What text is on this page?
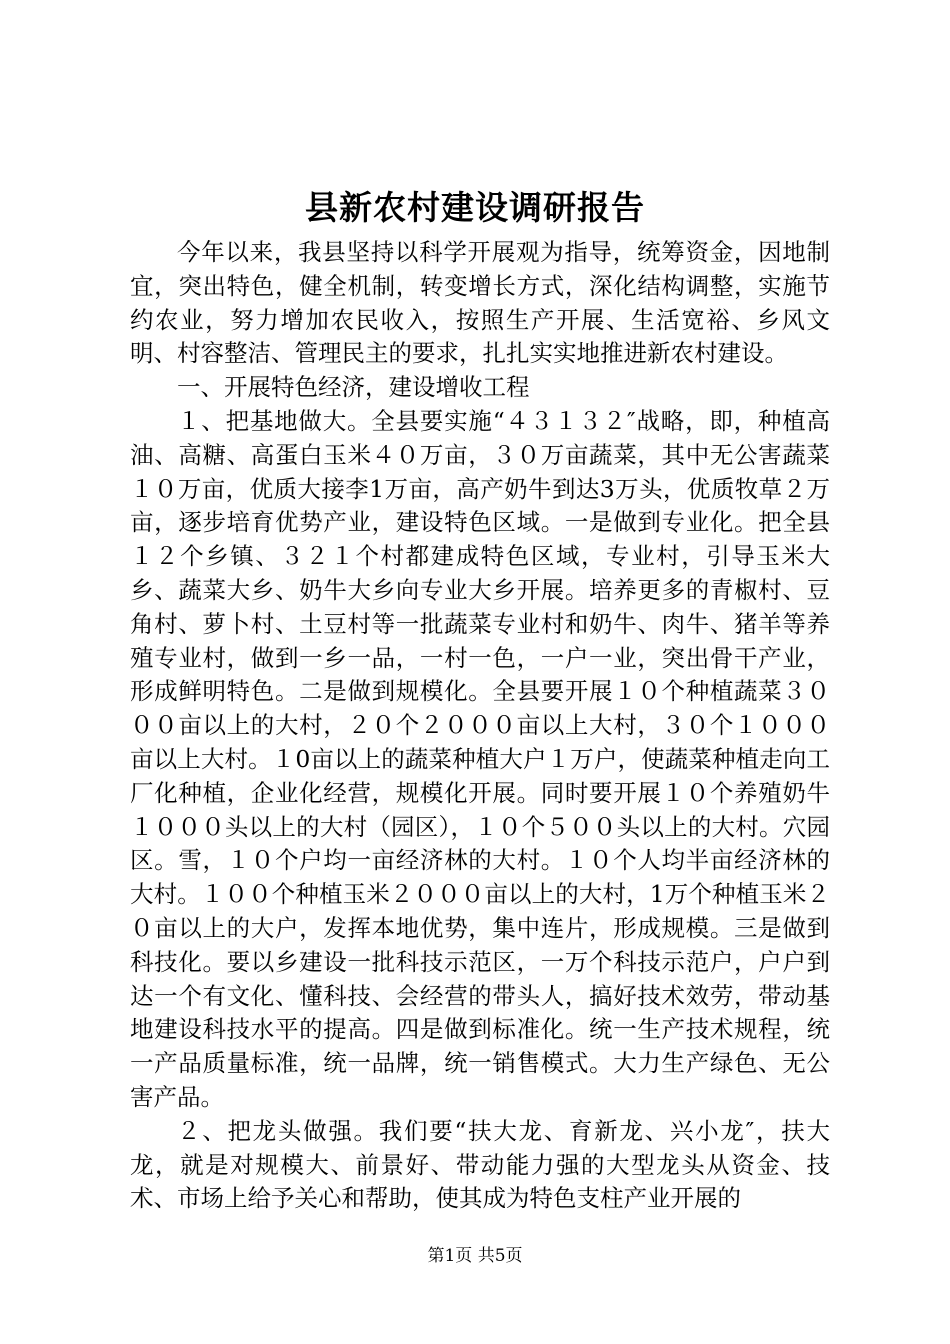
县新农村建设调研报告

今年以来，我县坚持以科学开展观为指导，统筹资金，因地制宜，突出特色，健全机制，转变增长方式，深化结构调整，实施节约农业，努力增加农民收入，按照生产开展、生活宽裕、乡风文明、村容整洁、管理民主的要求，扎扎实实地推进新农村建设。

一、开展特色经济，建设增收工程

１、把基地做大。全县要实施“４３１３２″战略，即，种植高油、高糖、高蛋白玉米４０万亩，３０万亩蔬菜，其中无公害蔬菜１０万亩，优质大接李1万亩，高产奶牛到达3万头，优质牧草２万亩，逐步培育优势产业，建设特色区域。一是做到专业化。把全县１２个乡镇、３２１个村都建成特色区域，专业村，引导玉米大乡、蔬菜大乡、奶牛大乡向专业大乡开展。培养更多的青椒村、豆角村、萝卜村、土豆村等一批蔬菜专业村和奶牛、肉牛、猪羊等养殖专业村，做到一乡一品，一村一色，一户一业，突出骨干产业，形成鲜明特色。二是做到规模化。全县要开展１０个种植蔬菜３０００亩以上的大村，２０个２０００亩以上大村，３０个１０００亩以上大村。１0亩以上的蔬菜种植大户１万户，使蔬菜种植走向工厂化种植，企业化经营，规模化开展。同时要开展１０个养殖奶牛１０００头以上的大村（园区），１０个５００头以上的大村。穴园区。雪，１０个户均一亩经济林的大村。１０个人均半亩经济林的大村。１００个种植玉米２０００亩以上的大村，1万个种植玉米２０亩以上的大户，发挥本地优势，集中连片，形成规模。三是做到科技化。要以乡建设一批科技示范区，一万个科技示范户，户户到达一个有文化、懂科技、会经营的带头人，搞好技术效劳，带动基地建设科技水平的提高。四是做到标准化。统一生产技术规程，统一产品质量标准，统一品牌，统一销售模式。大力生产绿色、无公害产品。

２、把龙头做强。我们要“扶大龙、育新龙、兴小龙″，扶大龙，就是对规模大、前景好、带动能力强的大型龙头从资金、技术、市场上给予关心和帮助，使其成为特色支柱产业开展的

第1页 共5页
